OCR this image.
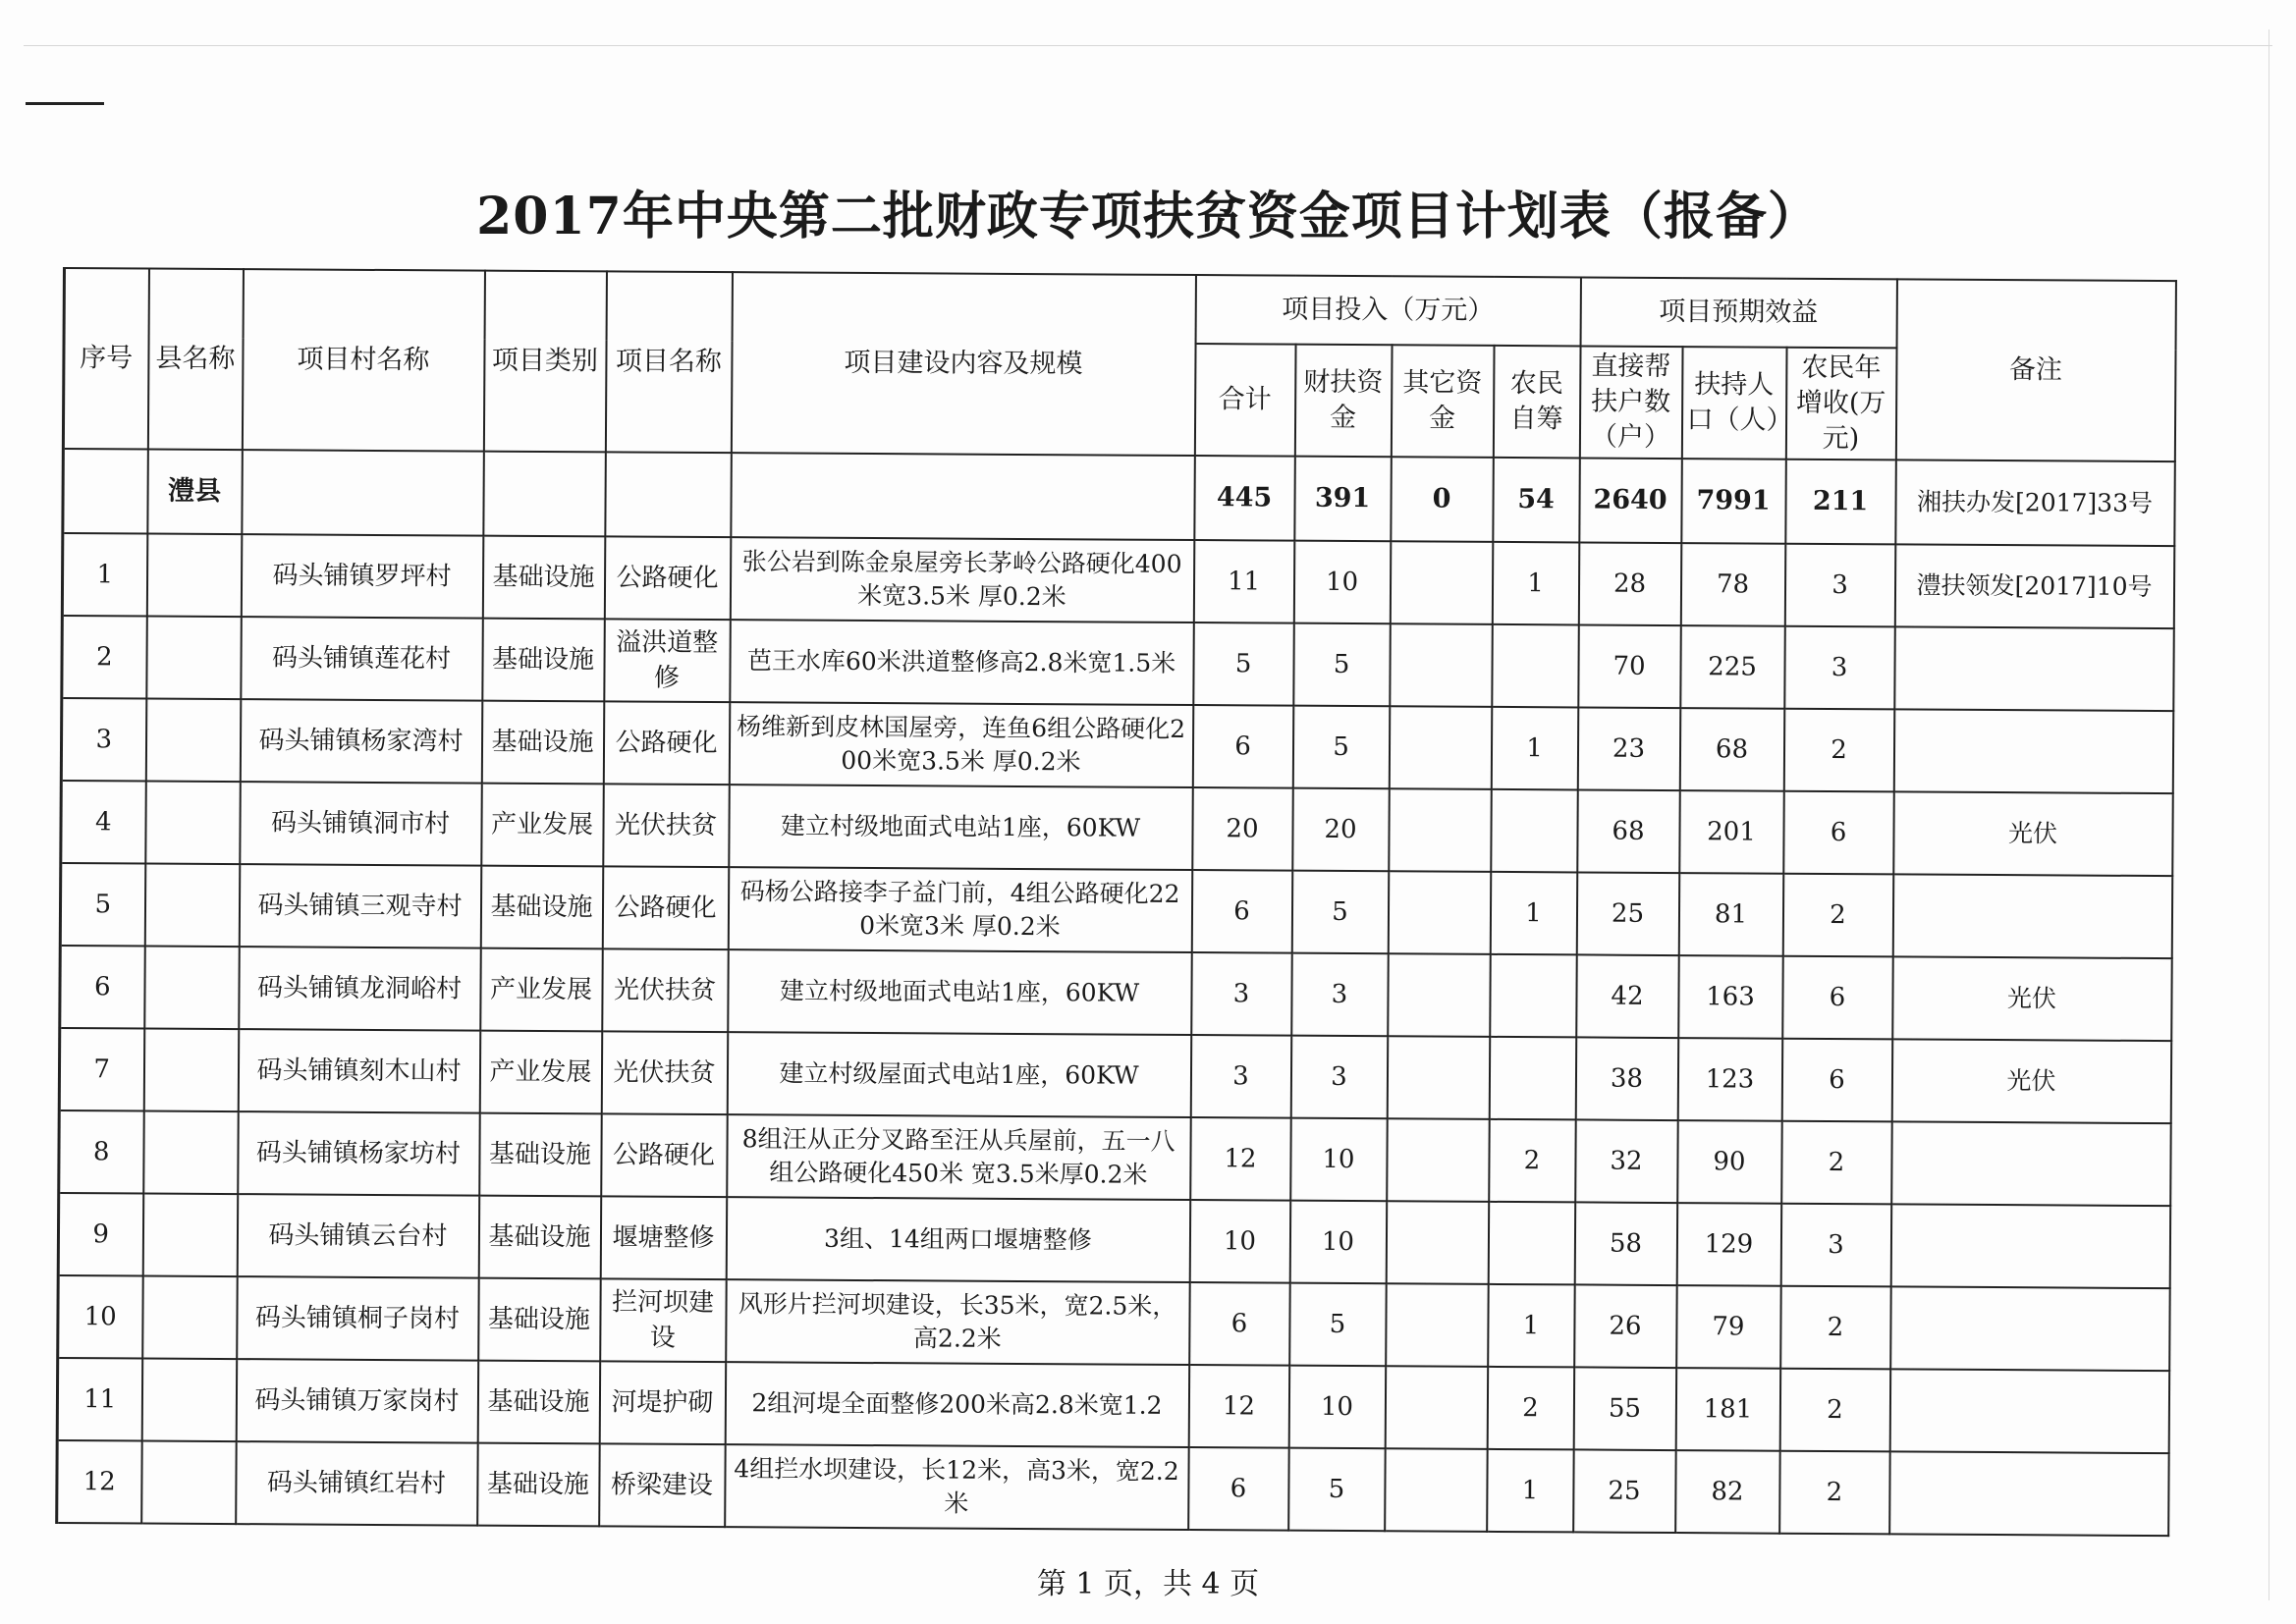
2017年中央第二批财政专项扶贫资金项目计划表（报备）
序号	县名称	项目村名称	项目类别	项目名称	项目建设内容及规模	项目投入（万元）				项目预期效益			备注
						合计	财扶资金	其它资金	农民自筹	直接帮扶户数（户）	扶持人口（人）	农民年增收(万元)	
	澧县					445	391	0	54	2640	7991	211	湘扶办发[2017]33号
1		码头铺镇罗坪村	基础设施	公路硬化	张公岩到陈金泉屋旁长茅岭公路硬化400米宽3.5米 厚0.2米	11	10		1	28	78	3	澧扶领发[2017]10号
2		码头铺镇莲花村	基础设施	溢洪道整修	芭王水库60米洪道整修高2.8米宽1.5米	5	5			70	225	3	
3		码头铺镇杨家湾村	基础设施	公路硬化	杨维新到皮林国屋旁，连鱼6组公路硬化200米宽3.5米 厚0.2米	6	5		1	23	68	2	
4		码头铺镇洞市村	产业发展	光伏扶贫	建立村级地面式电站1座，60KW	20	20			68	201	6	光伏
5		码头铺镇三观寺村	基础设施	公路硬化	码杨公路接李子益门前，4组公路硬化220米宽3米 厚0.2米	6	5		1	25	81	2	
6		码头铺镇龙洞峪村	产业发展	光伏扶贫	建立村级地面式电站1座，60KW	3	3			42	163	6	光伏
7		码头铺镇刻木山村	产业发展	光伏扶贫	建立村级屋面式电站1座，60KW	3	3			38	123	6	光伏
8		码头铺镇杨家坊村	基础设施	公路硬化	8组汪从正分叉路至汪从兵屋前，五一八组公路硬化450米 宽3.5米厚0.2米	12	10		2	32	90	2	
9		码头铺镇云台村	基础设施	堰塘整修	3组、14组两口堰塘整修	10	10			58	129	3	
10		码头铺镇桐子岗村	基础设施	拦河坝建设	风形片拦河坝建设，长35米，宽2.5米，高2.2米	6	5		1	26	79	2	
11		码头铺镇万家岗村	基础设施	河堤护砌	2组河堤全面整修200米高2.8米宽1.2	12	10		2	55	181	2	
12		码头铺镇红岩村	基础设施	桥梁建设	4组拦水坝建设，长12米，高3米，宽2.2米	6	5		1	25	82	2	
第 1 页，共 4 页
